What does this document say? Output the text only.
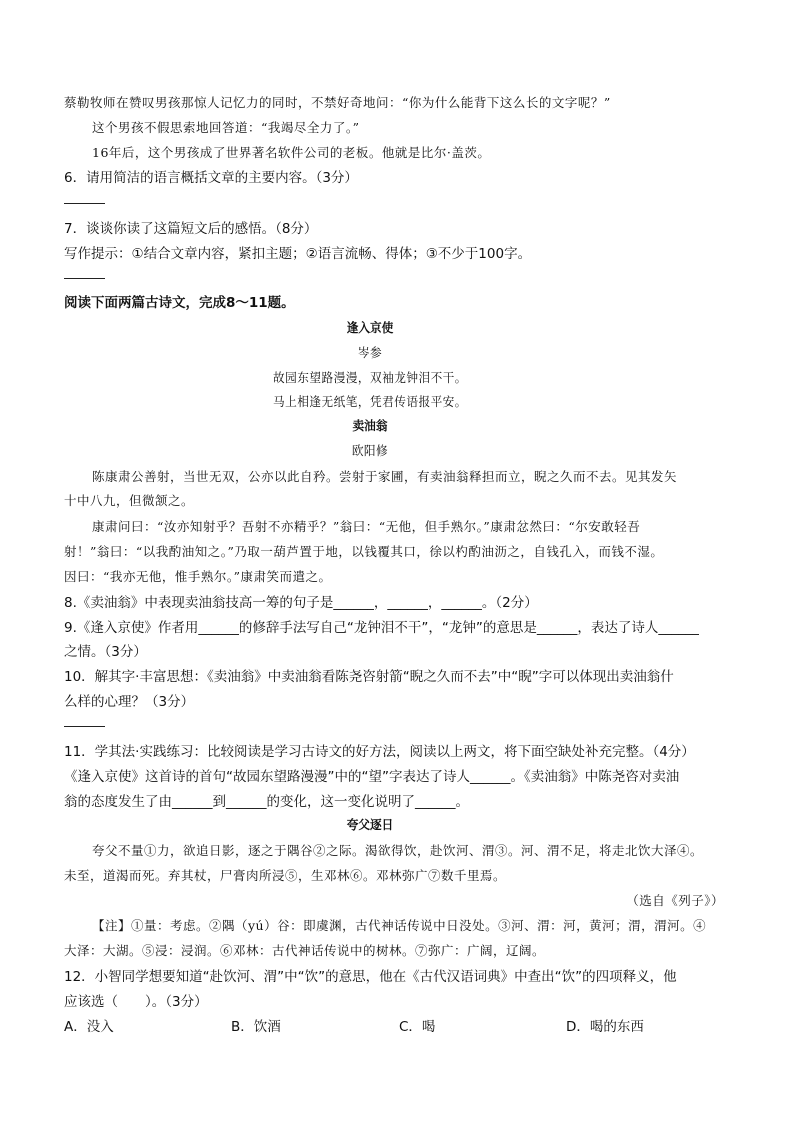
蔡勒牧师在赞叹男孩那惊人记忆力的同时，不禁好奇地问：“你为什么能背下这么长的文字呢？”
这个男孩不假思索地回答道：“我竭尽全力了。”
16年后，这个男孩成了世界著名软件公司的老板。他就是比尔·盖茨。
6．请用简洁的语言概括文章的主要内容。（3分）
7．谈谈你读了这篇短文后的感悟。（8分）
写作提示：①结合文章内容，紧扣主题；②语言流畅、得体；③不少于100字。
阅读下面两篇古诗文，完成8～11题。
逢入京使
岑参
故园东望路漫漫，双袖龙钟泪不干。
马上相逢无纸笔，凭君传语报平安。
卖油翁
欧阳修
陈康肃公善射，当世无双，公亦以此自矜。尝射于家圃，有卖油翁释担而立，睨之久而不去。见其发矢
十中八九，但微颔之。
康肃问曰：“汝亦知射乎？吾射不亦精乎？”翁曰：“无他，但手熟尔。”康肃忿然曰：“尔安敢轻吾
射！”翁曰：“以我酌油知之。”乃取一葫芦置于地，以钱覆其口，徐以杓酌油沥之，自钱孔入，而钱不湿。
因曰：“我亦无他，惟手熟尔。”康肃笑而遣之。
8.《卖油翁》中表现卖油翁技高一筹的句子是______，______，______。（2分）
9.《逢入京使》作者用______的修辞手法写自己“龙钟泪不干”，“龙钟”的意思是______，表达了诗人______
之情。（3分）
10．解其字·丰富思想：《卖油翁》中卖油翁看陈尧咨射箭“睨之久而不去”中“睨”字可以体现出卖油翁什
么样的心理？（3分）
11．学其法·实践练习：比较阅读是学习古诗文的好方法，阅读以上两文，将下面空缺处补充完整。（4分）
《逢入京使》这首诗的首句“故园东望路漫漫”中的“望”字表达了诗人______。《卖油翁》中陈尧咨对卖油
翁的态度发生了由______到______的变化，这一变化说明了______。
夸父逐日
夸父不量①力，欲追日影，逐之于隅谷②之际。渴欲得饮，赴饮河、渭③。河、渭不足，将走北饮大泽④。
未至，道渴而死。弃其杖，尸膏肉所浸⑤，生邓林⑥。邓林弥广⑦数千里焉。
（选自《列子》）
【注】①量：考虑。②隅（yú）谷：即虞渊，古代神话传说中日没处。③河、渭：河，黄河；渭，渭河。④
大泽：大湖。⑤浸：浸润。⑥邓林：古代神话传说中的树林。⑦弥广：广阔，辽阔。
12．小智同学想要知道“赴饮河、渭”中“饮”的意思，他在《古代汉语词典》中查出“饮”的四项释义，他
应该选（　　）。（3分）
A．没入	B．饮酒	C．喝	D．喝的东西
